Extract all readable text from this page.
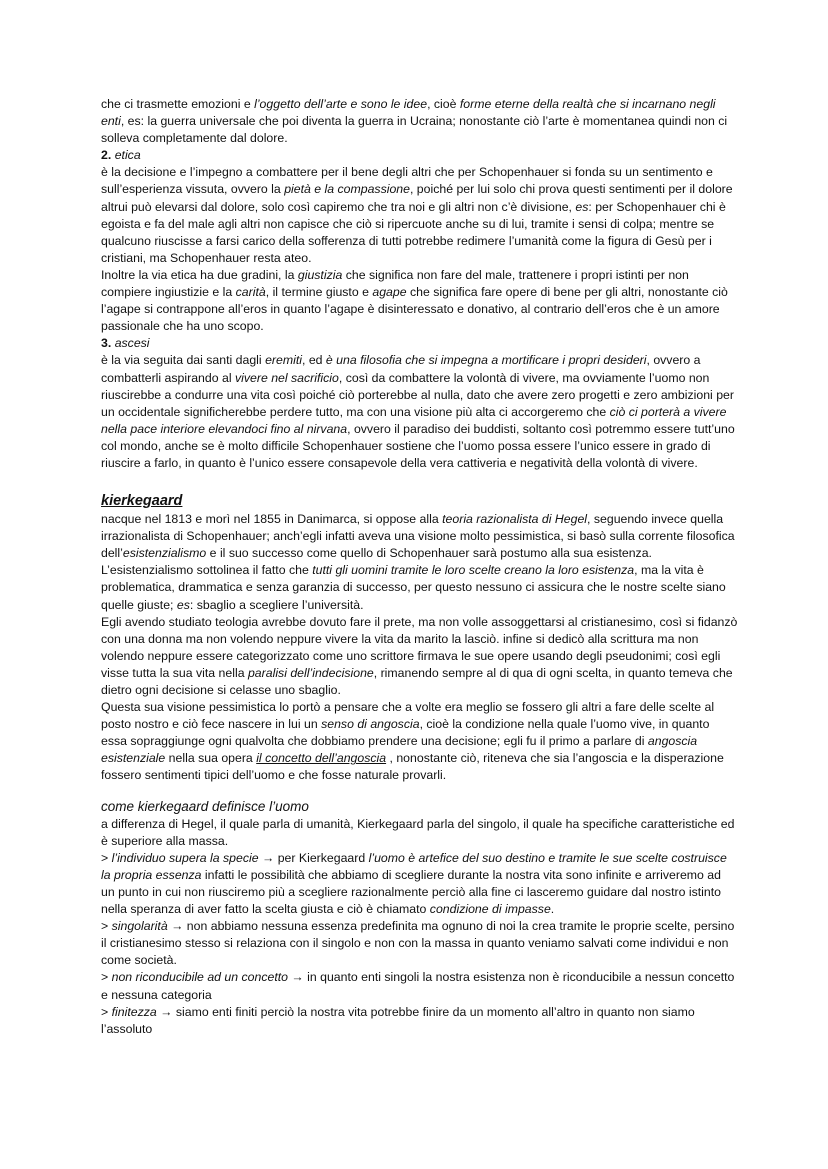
che ci trasmette emozioni e l’oggetto dell’arte e sono le idee, cioè forme eterne della realtà che si incarnano negli enti, es: la guerra universale che poi diventa la guerra in Ucraina; nonostante ciò l’arte è momentanea quindi non ci solleva completamente dal dolore.

2. etica

è la decisione e l’impegno a combattere per il bene degli altri che per Schopenhauer si fonda su un sentimento e sull’esperienza vissuta, ovvero la pietà e la compassione, poiché per lui solo chi prova questi sentimenti per il dolore altrui può elevarsi dal dolore, solo così capiremo che tra noi e gli altri non c’è divisione, es: per Schopenhauer chi è egoista e fa del male agli altri non capisce che ciò si ripercuote anche su di lui, tramite i sensi di colpa; mentre se qualcuno riuscisse a farsi carico della sofferenza di tutti potrebbe redimere l’umanità come la figura di Gesù per i cristiani, ma Schopenhauer resta ateo.

Inoltre la via etica ha due gradini, la giustizia che significa non fare del male, trattenere i propri istinti per non compiere ingiustizie e la carità, il termine giusto e agape che significa fare opere di bene per gli altri, nonostante ciò l’agape si contrappone all’eros in quanto l’agape è disinteressato e donativo, al contrario dell’eros che è un amore passionale che ha uno scopo.

3. ascesi

è la via seguita dai santi dagli eremiti, ed è una filosofia che si impegna a mortificare i propri desideri, ovvero a combatterli aspirando al vivere nel sacrificio, così da combattere la volontà di vivere, ma ovviamente l’uomo non riuscirebbe a condurre una vita così poiché ciò porterebbe al nulla, dato che avere zero progetti e zero ambizioni per un occidentale significherebbe perdere tutto, ma con una visione più alta ci accorgeremo che ciò ci porterà a vivere nella pace interiore elevandoci fino al nirvana, ovvero il paradiso dei buddisti, soltanto così potremmo essere tutt’uno col mondo, anche se è molto difficile Schopenhauer sostiene che l’uomo possa essere l’unico essere in grado di riuscire a farlo, in quanto è l’unico essere consapevole della vera cattiveria e negatività della volontà di vivere.

kierkegaard

nacque nel 1813 e morì nel 1855 in Danimarca, si oppose alla teoria razionalista di Hegel, seguendo invece quella irrazionalista di Schopenhauer; anch’egli infatti aveva una visione molto pessimistica, si basò sulla corrente filosofica dell’esistenzialismo e il suo successo come quello di Schopenhauer sarà postumo alla sua esistenza.

L’esistenzialismo sottolinea il fatto che tutti gli uomini tramite le loro scelte creano la loro esistenza, ma la vita è problematica, drammatica e senza garanzia di successo, per questo nessuno ci assicura che le nostre scelte siano quelle giuste; es: sbaglio a scegliere l’università.

Egli avendo studiato teologia avrebbe dovuto fare il prete, ma non volle assoggettarsi al cristianesimo, così si fidanzò con una donna ma non volendo neppure vivere la vita da marito la lasciò. infine si dedicò alla scrittura ma non volendo neppure essere categorizzato come uno scrittore firmava le sue opere usando degli pseudonimi; così egli visse tutta la sua vita nella paralisi dell’indecisione, rimanendo sempre al di qua di ogni scelta, in quanto temeva che dietro ogni decisione si celasse uno sbaglio.

Questa sua visione pessimistica lo portò a pensare che a volte era meglio se fossero gli altri a fare delle scelte al posto nostro e ciò fece nascere in lui un senso di angoscia, cioè la condizione nella quale l’uomo vive, in quanto essa sopraggiunge ogni qualvolta che dobbiamo prendere una decisione; egli fu il primo a parlare di angoscia esistenziale nella sua opera il concetto dell’angoscia , nonostante ciò, riteneva che sia l’angoscia e la disperazione fossero sentimenti tipici dell’uomo e che fosse naturale provarli.

come kierkegaard definisce l’uomo

a differenza di Hegel, il quale parla di umanità, Kierkegaard parla del singolo, il quale ha specifiche caratteristiche ed è superiore alla massa.

> l’individuo supera la specie → per Kierkegaard l’uomo è artefice del suo destino e tramite le sue scelte costruisce la propria essenza infatti le possibilità che abbiamo di scegliere durante la nostra vita sono infinite e arriveremo ad un punto in cui non riusciremo più a scegliere razionalmente perciò alla fine ci lasceremo guidare dal nostro istinto nella speranza di aver fatto la scelta giusta e ciò è chiamato condizione di impasse.

> singolarità → non abbiamo nessuna essenza predefinita ma ognuno di noi la crea tramite le proprie scelte, persino il cristianesimo stesso si relaziona con il singolo e non con la massa in quanto veniamo salvati come individui e non come società.

> non riconducibile ad un concetto → in quanto enti singoli la nostra esistenza non è riconducibile a nessun concetto e nessuna categoria

> finitezza → siamo enti finiti perciò la nostra vita potrebbe finire da un momento all’altro in quanto non siamo l’assoluto
